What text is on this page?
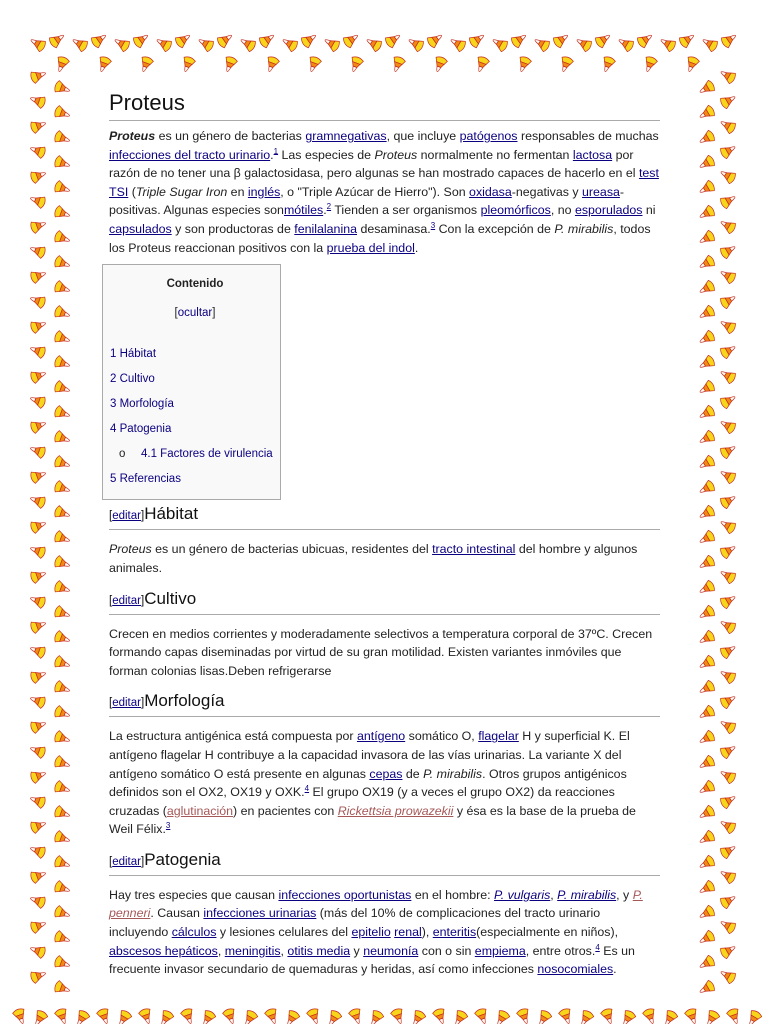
Proteus

Proteus es un género de bacterias gramnegativas, que incluye patógenos responsables de muchas infecciones del tracto urinario.$^1$ Las especies de Proteus normalmente no fermentan lactosa por razón de no tener una β galactosidasa, pero algunas se han mostrado capaces de hacerlo en el test TSI (Triple Sugar Iron en inglés, o "Triple Azúcar de Hierro"). Son oxidasa-negativas y ureasa-positivas. Algunas especies sonmótiles.$^2$ Tienden a ser organismos pleomórficos, no esporulados ni capsulados y son productoras de fenilalanina desaminasa.$^3$ Con la excepción de P. mirabilis, todos los Proteus reaccionan positivos con la prueba del indol.

Contenido
[ocultar]
1 Hábitat
2 Cultivo
3 Morfología
4 Patogenia
o 4.1 Factores de virulencia
5 Referencias
[editar]Hábitat

Proteus es un género de bacterias ubicuas, residentes del tracto intestinal del hombre y algunos animales.

[editar]Cultivo

Crecen en medios corrientes y moderadamente selectivos a temperatura corporal de 37ºC. Crecen formando capas diseminadas por virtud de su gran motilidad. Existen variantes inmóviles que forman colonias lisas.Deben refrigerarse

[editar]Morfología

La estructura antigénica está compuesta por antígeno somático O, flagelar H y superficial K. El antígeno flagelar H contribuye a la capacidad invasora de las vías urinarias. La variante X del antígeno somático O está presente en algunas cepas de P. mirabilis. Otros grupos antigénicos definidos son el OX2, OX19 y OXK.$^4$ El grupo OX19 (y a veces el grupo OX2) da reacciones cruzadas (aglutinación) en pacientes con Rickettsia prowazekii y ésa es la base de la prueba de Weil Félix.$^3$

[editar]Patogenia

Hay tres especies que causan infecciones oportunistas en el hombre: P. vulgaris, P. mirabilis, y P. penneri. Causan infecciones urinarias (más del 10% de complicaciones del tracto urinario incluyendo cálculos y lesiones celulares del epitelio renal), enteritis(especialmente en niños), abscesos hepáticos, meningitis, otitis media y neumonía con o sin empiema, entre otros.$^4$ Es un frecuente invasor secundario de quemaduras y heridas, así como infecciones nosocomiales.
